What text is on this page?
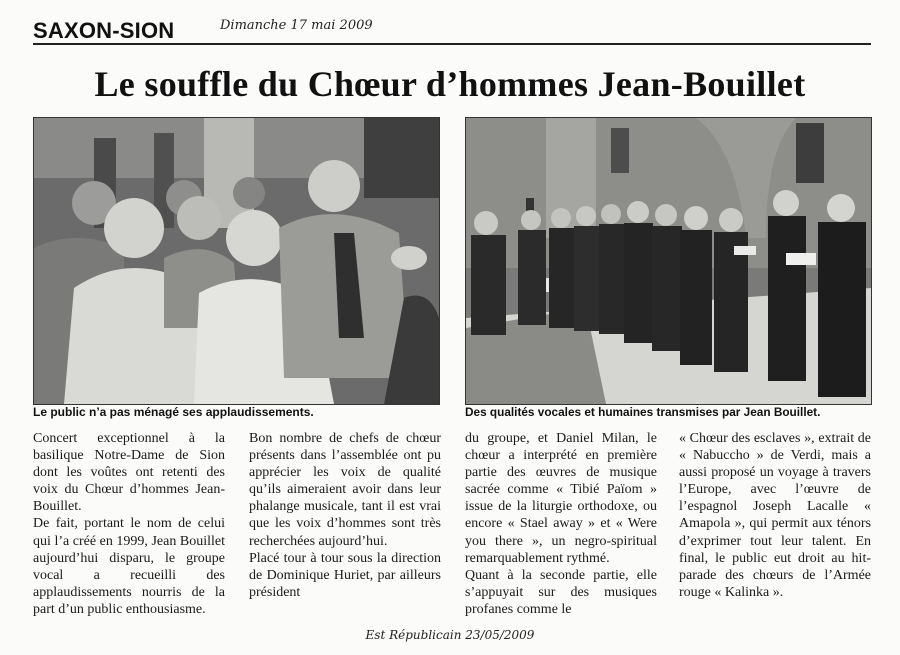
SAXON-SION	Dimanche 17 mai 2009
Le souffle du Chœur d’hommes Jean-Bouillet
Le public n’a pas ménagé ses applaudissements.	Des qualités vocales et humaines transmises par Jean Bouillet.

Concert exceptionnel à la basilique Notre-Dame de Sion dont les voûtes ont retenti des voix du Chœur d’hommes Jean-Bouillet.

De fait, portant le nom de celui qui l’a créé en 1999, Jean Bouillet aujourd’hui disparu, le groupe vocal a recueilli des applaudissements nourris de la part d’un public enthousiasme.

Bon nombre de chefs de chœur présents dans l’assemblée ont pu apprécier les voix de qualité qu’ils aimeraient avoir dans leur phalange musicale, tant il est vrai que les voix d’hommes sont très recherchées aujourd’hui.

Placé tour à tour sous la direction de Dominique Huriet, par ailleurs président

du groupe, et Daniel Milan, le chœur a interprété en première partie des œuvres de musique sacrée comme « Tibié Païom » issue de la liturgie orthodoxe, ou encore « Stael away » et « Were you there », un negro-spiritual remarquablement rythmé.

Quant à la seconde partie, elle s’appuyait sur des musiques profanes comme le

« Chœur des esclaves », extrait de « Nabuccho » de Verdi, mais a aussi proposé un voyage à travers l’Europe, avec l’œuvre de l’espagnol Joseph Lacalle « Amapola », qui permit aux ténors d’exprimer tout leur talent. En final, le public eut droit au hit-parade des chœurs de l’Armée rouge « Kalinka ».

Est Républicain 23/05/2009
